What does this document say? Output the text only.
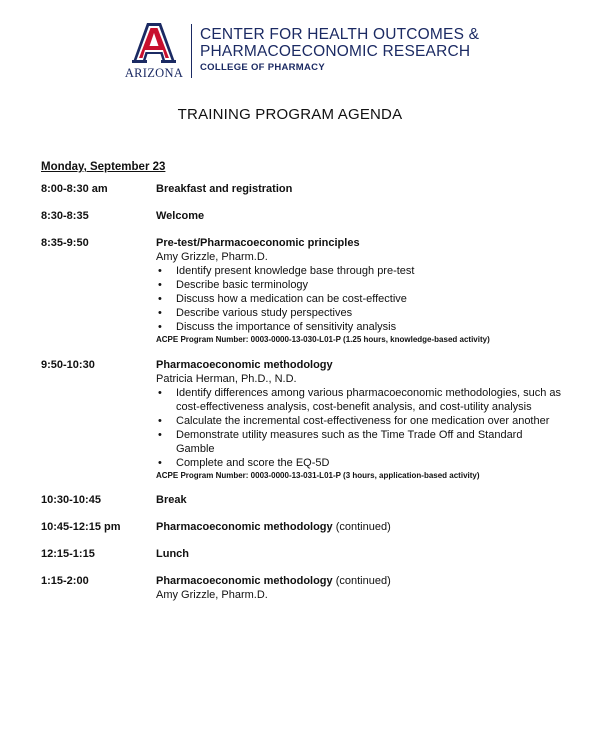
ARIZONA
CENTER FOR HEALTH OUTCOMES &
PHARMACOECONOMIC RESEARCH
COLLEGE OF PHARMACY
TRAINING PROGRAM AGENDA
Monday, September 23
8:00-8:30 am	Breakfast and registration
8:30-8:35	Welcome
8:35-9:50	Pre-test/Pharmacoeconomic principles
Amy Grizzle, Pharm.D.
• Identify present knowledge base through pre-test
• Describe basic terminology
• Discuss how a medication can be cost-effective
• Describe various study perspectives
• Discuss the importance of sensitivity analysis
ACPE Program Number: 0003-0000-13-030-L01-P (1.25 hours, knowledge-based activity)
9:50-10:30	Pharmacoeconomic methodology
Patricia Herman, Ph.D., N.D.
• Identify differences among various pharmacoeconomic methodologies, such as cost-effectiveness analysis, cost-benefit analysis, and cost-utility analysis
• Calculate the incremental cost-effectiveness for one medication over another
• Demonstrate utility measures such as the Time Trade Off and Standard Gamble
• Complete and score the EQ-5D
ACPE Program Number: 0003-0000-13-031-L01-P (3 hours, application-based activity)
10:30-10:45	Break
10:45-12:15 pm	Pharmacoeconomic methodology (continued)
12:15-1:15	Lunch
1:15-2:00	Pharmacoeconomic methodology (continued)
Amy Grizzle, Pharm.D.
